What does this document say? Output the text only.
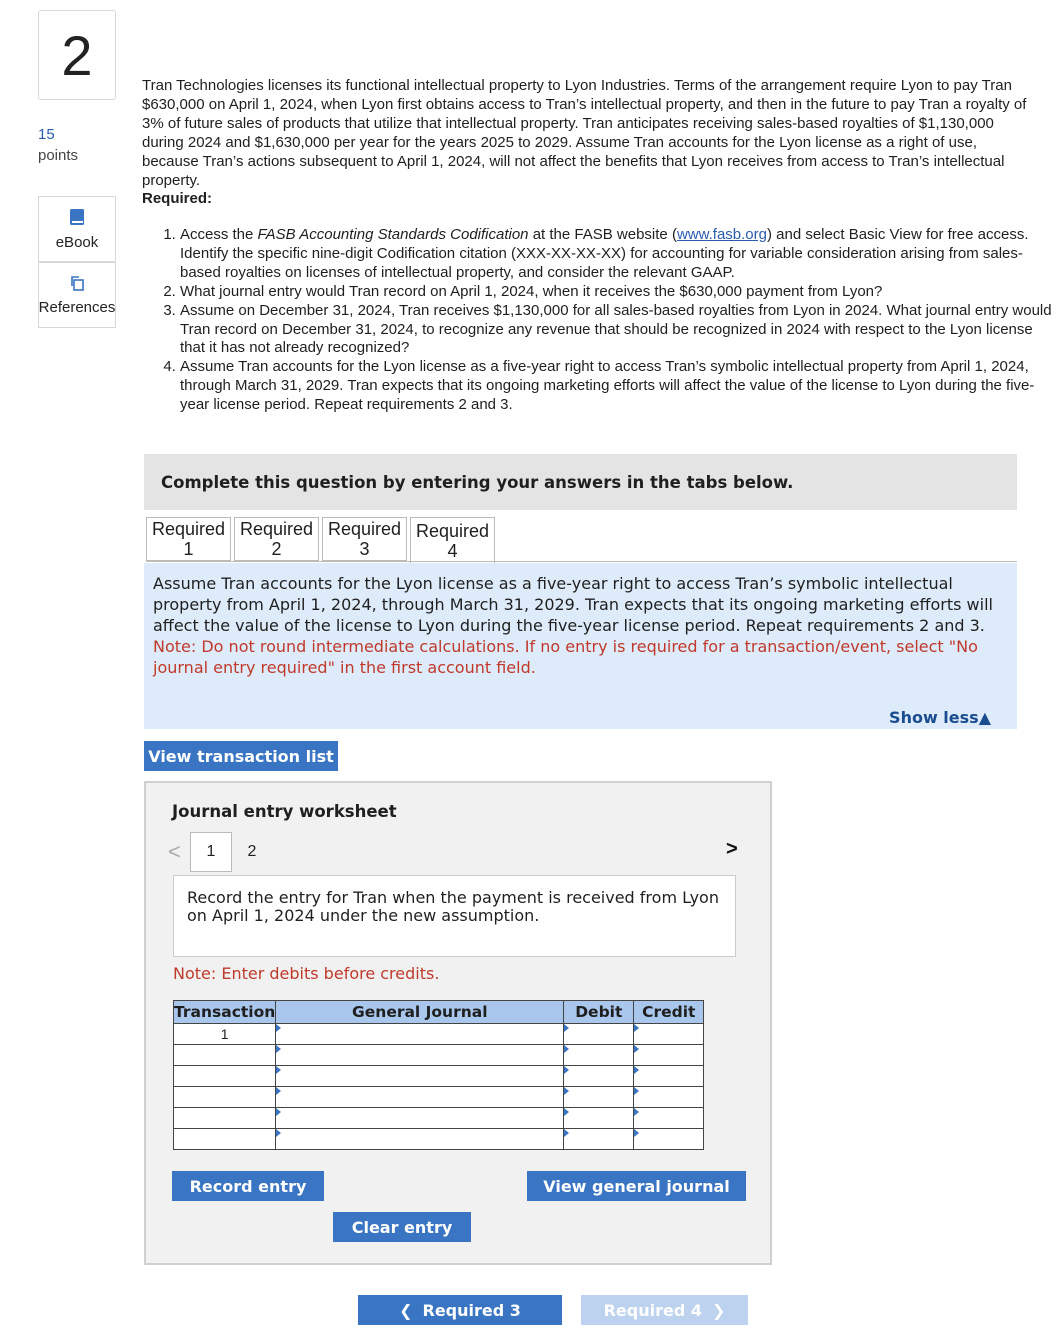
2
15
points
eBook
References
Tran Technologies licenses its functional intellectual property to Lyon Industries. Terms of the arrangement require Lyon to pay Tran $630,000 on April 1, 2024, when Lyon first obtains access to Tran’s intellectual property, and then in the future to pay Tran a royalty of 3% of future sales of products that utilize that intellectual property. Tran anticipates receiving sales-based royalties of $1,130,000 during 2024 and $1,630,000 per year for the years 2025 to 2029. Assume Tran accounts for the Lyon license as a right of use, because Tran’s actions subsequent to April 1, 2024, will not affect the benefits that Lyon receives from access to Tran’s intellectual property.
Required:
1. Access the FASB Accounting Standards Codification at the FASB website (www.fasb.org) and select Basic View for free access. Identify the specific nine-digit Codification citation (XXX-XX-XX-XX) for accounting for variable consideration arising from sales-based royalties on licenses of intellectual property, and consider the relevant GAAP.
2. What journal entry would Tran record on April 1, 2024, when it receives the $630,000 payment from Lyon?
3. Assume on December 31, 2024, Tran receives $1,130,000 for all sales-based royalties from Lyon in 2024. What journal entry would Tran record on December 31, 2024, to recognize any revenue that should be recognized in 2024 with respect to the Lyon license that it has not already recognized?
4. Assume Tran accounts for the Lyon license as a five-year right to access Tran’s symbolic intellectual property from April 1, 2024, through March 31, 2029. Tran expects that its ongoing marketing efforts will affect the value of the license to Lyon during the five-year license period. Repeat requirements 2 and 3.
Complete this question by entering your answers in the tabs below.
Required
1
Required
2
Required
3
Required
4
Assume Tran accounts for the Lyon license as a five-year right to access Tran’s symbolic intellectual property from April 1, 2024, through March 31, 2029. Tran expects that its ongoing marketing efforts will affect the value of the license to Lyon during the five-year license period. Repeat requirements 2 and 3.
Note: Do not round intermediate calculations. If no entry is required for a transaction/event, select "No journal entry required" in the first account field.
Show less▲
View transaction list
Journal entry worksheet
<	1	2	>
Record the entry for Tran when the payment is received from Lyon on April 1, 2024 under the new assumption.
Note: Enter debits before credits.
Transaction	General Journal	Debit	Credit
1			

Record entry	View general journal
Clear entry
❮ Required 3	Required 4 ❯
